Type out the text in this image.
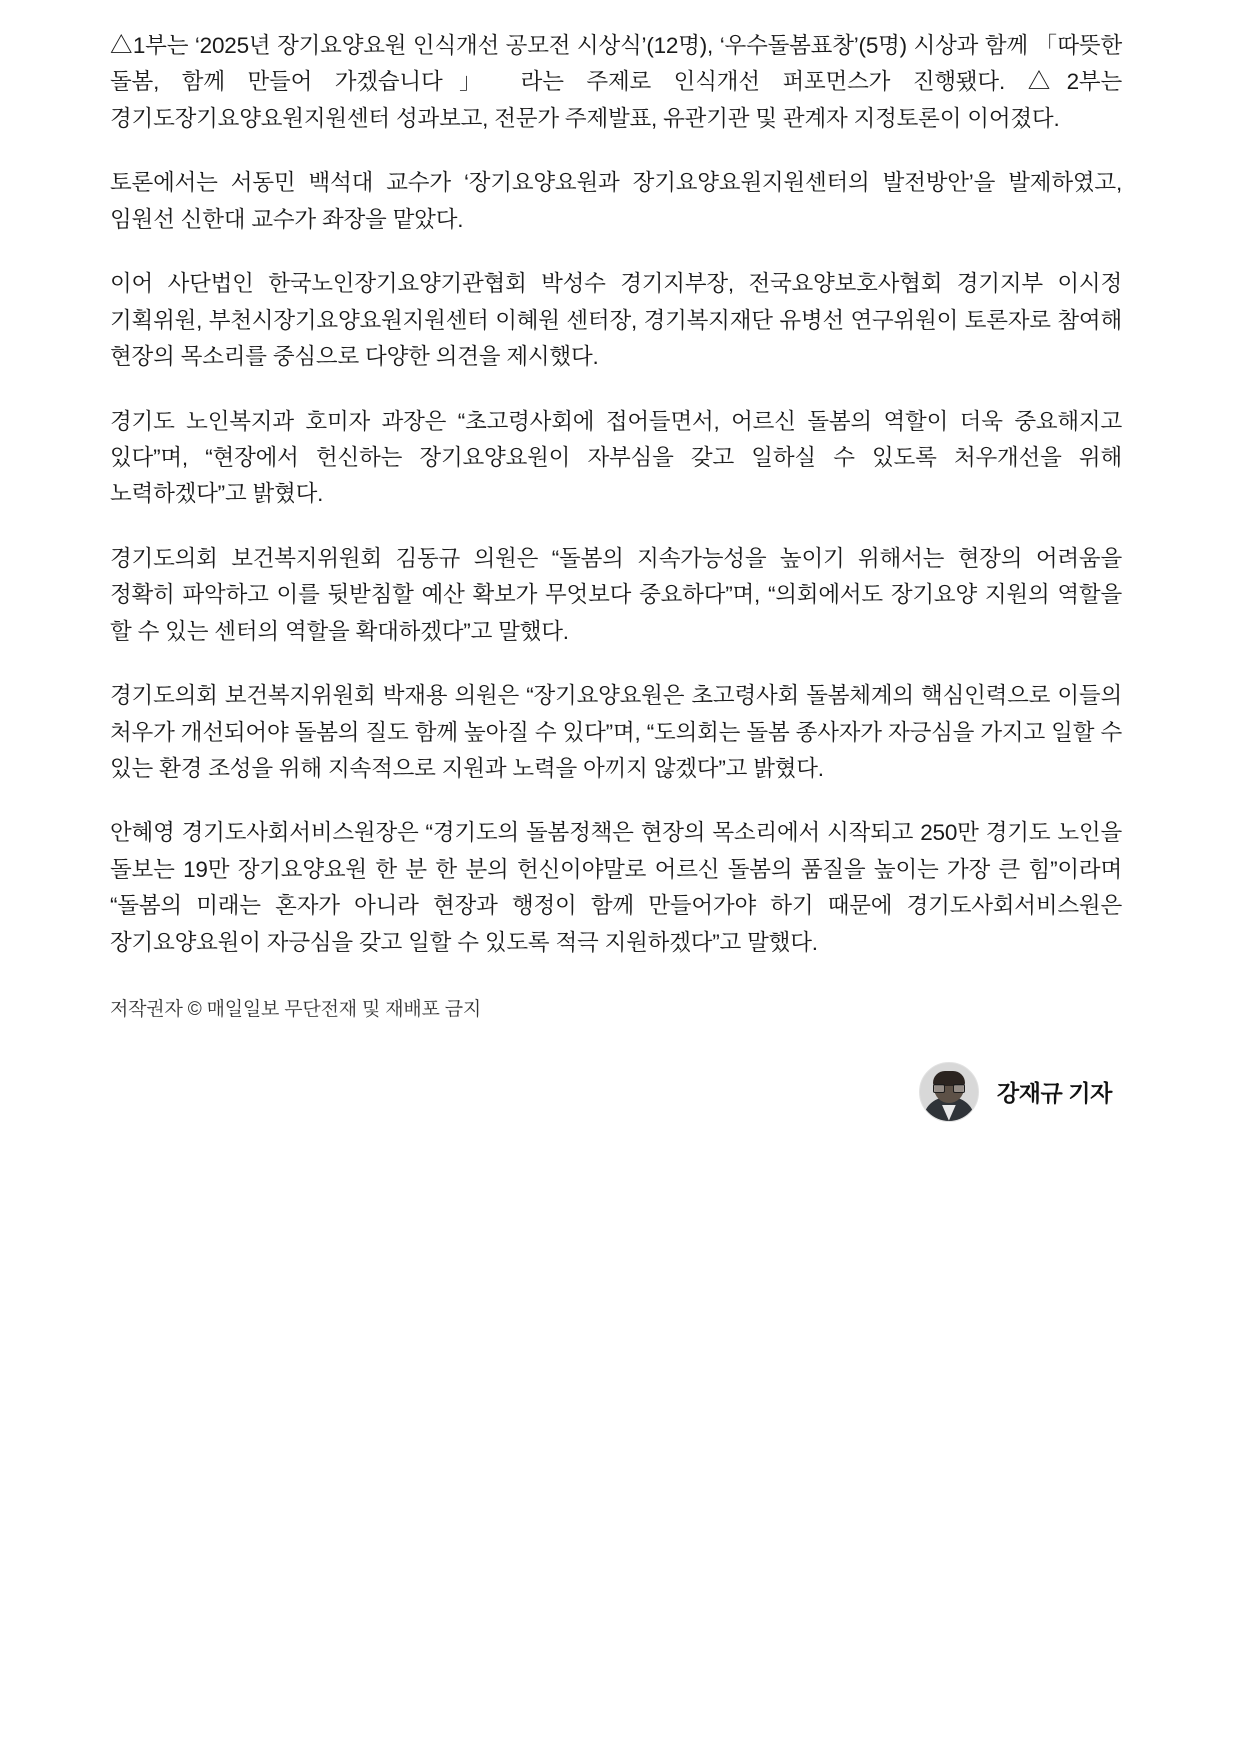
△1부는 ‘2025년 장기요양요원 인식개선 공모전 시상식’(12명), ‘우수돌봄표창’(5명) 시상과 함께 「따뜻한 돌봄, 함께 만들어 가겠습니다」 라는 주제로 인식개선 퍼포먼스가 진행됐다. △2부는 경기도장기요양요원지원센터 성과보고, 전문가 주제발표, 유관기관 및 관계자 지정토론이 이어졌다.

토론에서는 서동민 백석대 교수가 ‘장기요양요원과 장기요양요원지원센터의 발전방안’을 발제하였고, 임원선 신한대 교수가 좌장을 맡았다.

이어 사단법인 한국노인장기요양기관협회 박성수 경기지부장, 전국요양보호사협회 경기지부 이시정 기획위원, 부천시장기요양요원지원센터 이혜원 센터장, 경기복지재단 유병선 연구위원이 토론자로 참여해 현장의 목소리를 중심으로 다양한 의견을 제시했다.

경기도 노인복지과 호미자 과장은 “초고령사회에 접어들면서, 어르신 돌봄의 역할이 더욱 중요해지고 있다”며, “현장에서 헌신하는 장기요양요원이 자부심을 갖고 일하실 수 있도록 처우개선을 위해 노력하겠다”고 밝혔다.

경기도의회 보건복지위원회 김동규 의원은 “돌봄의 지속가능성을 높이기 위해서는 현장의 어려움을 정확히 파악하고 이를 뒷받침할 예산 확보가 무엇보다 중요하다”며, “의회에서도 장기요양 지원의 역할을 할 수 있는 센터의 역할을 확대하겠다”고 말했다.

경기도의회 보건복지위원회 박재용 의원은 “장기요양요원은 초고령사회 돌봄체계의 핵심인력으로 이들의 처우가 개선되어야 돌봄의 질도 함께 높아질 수 있다”며, “도의회는 돌봄 종사자가 자긍심을 가지고 일할 수 있는 환경 조성을 위해 지속적으로 지원과 노력을 아끼지 않겠다”고 밝혔다.

안혜영 경기도사회서비스원장은 “경기도의 돌봄정책은 현장의 목소리에서 시작되고 250만 경기도 노인을 돌보는 19만 장기요양요원 한 분 한 분의 헌신이야말로 어르신 돌봄의 품질을 높이는 가장 큰 힘”이라며 “돌봄의 미래는 혼자가 아니라 현장과 행정이 함께 만들어가야 하기 때문에 경기도사회서비스원은 장기요양요원이 자긍심을 갖고 일할 수 있도록 적극 지원하겠다”고 말했다.

저작권자 © 매일일보 무단전재 및 재배포 금지
강재규 기자
